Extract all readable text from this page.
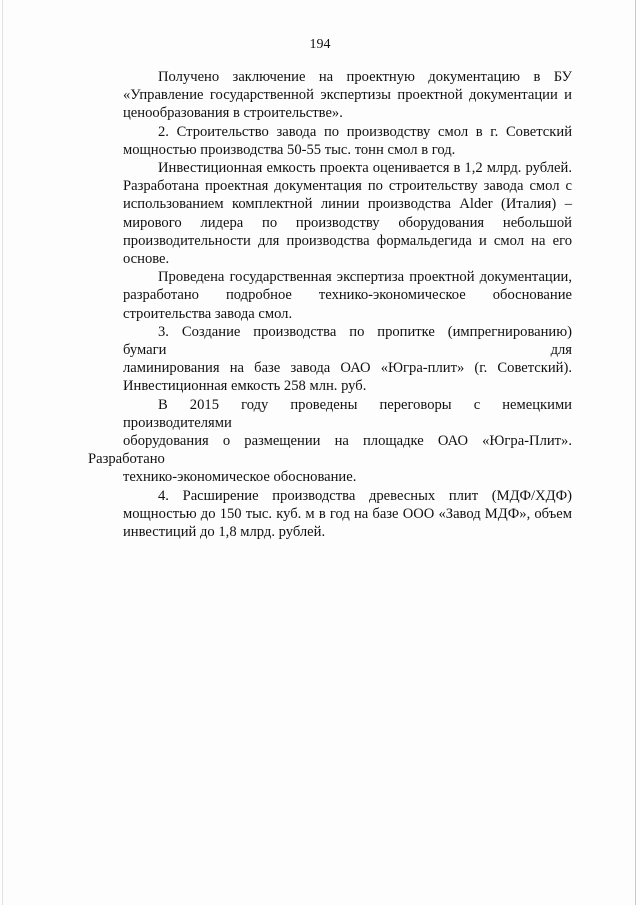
194
Получено заключение на проектную документацию в БУ
«Управление государственной экспертизы проектной документации и
ценообразования в строительстве».
2. Строительство завода по производству смол в г. Советский
мощностью производства 50-55 тыс. тонн смол в год.
Инвестиционная емкость проекта оценивается в 1,2 млрд. рублей.
Разработана проектная документация по строительству завода смол с
использованием комплектной линии производства Alder (Италия) –
мирового лидера по производству оборудования небольшой
производительности для производства формальдегида и смол на его
основе.
Проведена государственная экспертиза проектной документации,
разработано подробное технико-экономическое обоснование
строительства завода смол.
3. Создание производства по пропитке (импрегнированию) бумаги для
ламинирования на базе завода ОАО «Югра-плит» (г. Советский).
Инвестиционная емкость 258 млн. руб.
В 2015 году проведены переговоры с немецкими производителями
оборудования о размещении на площадке ОАО «Югра-Плит». Разработано
технико-экономическое обоснование.
4. Расширение производства древесных плит (МДФ/ХДФ)
мощностью до 150 тыс. куб. м в год на базе ООО «Завод МДФ», объем
инвестиций до 1,8 млрд. рублей.
